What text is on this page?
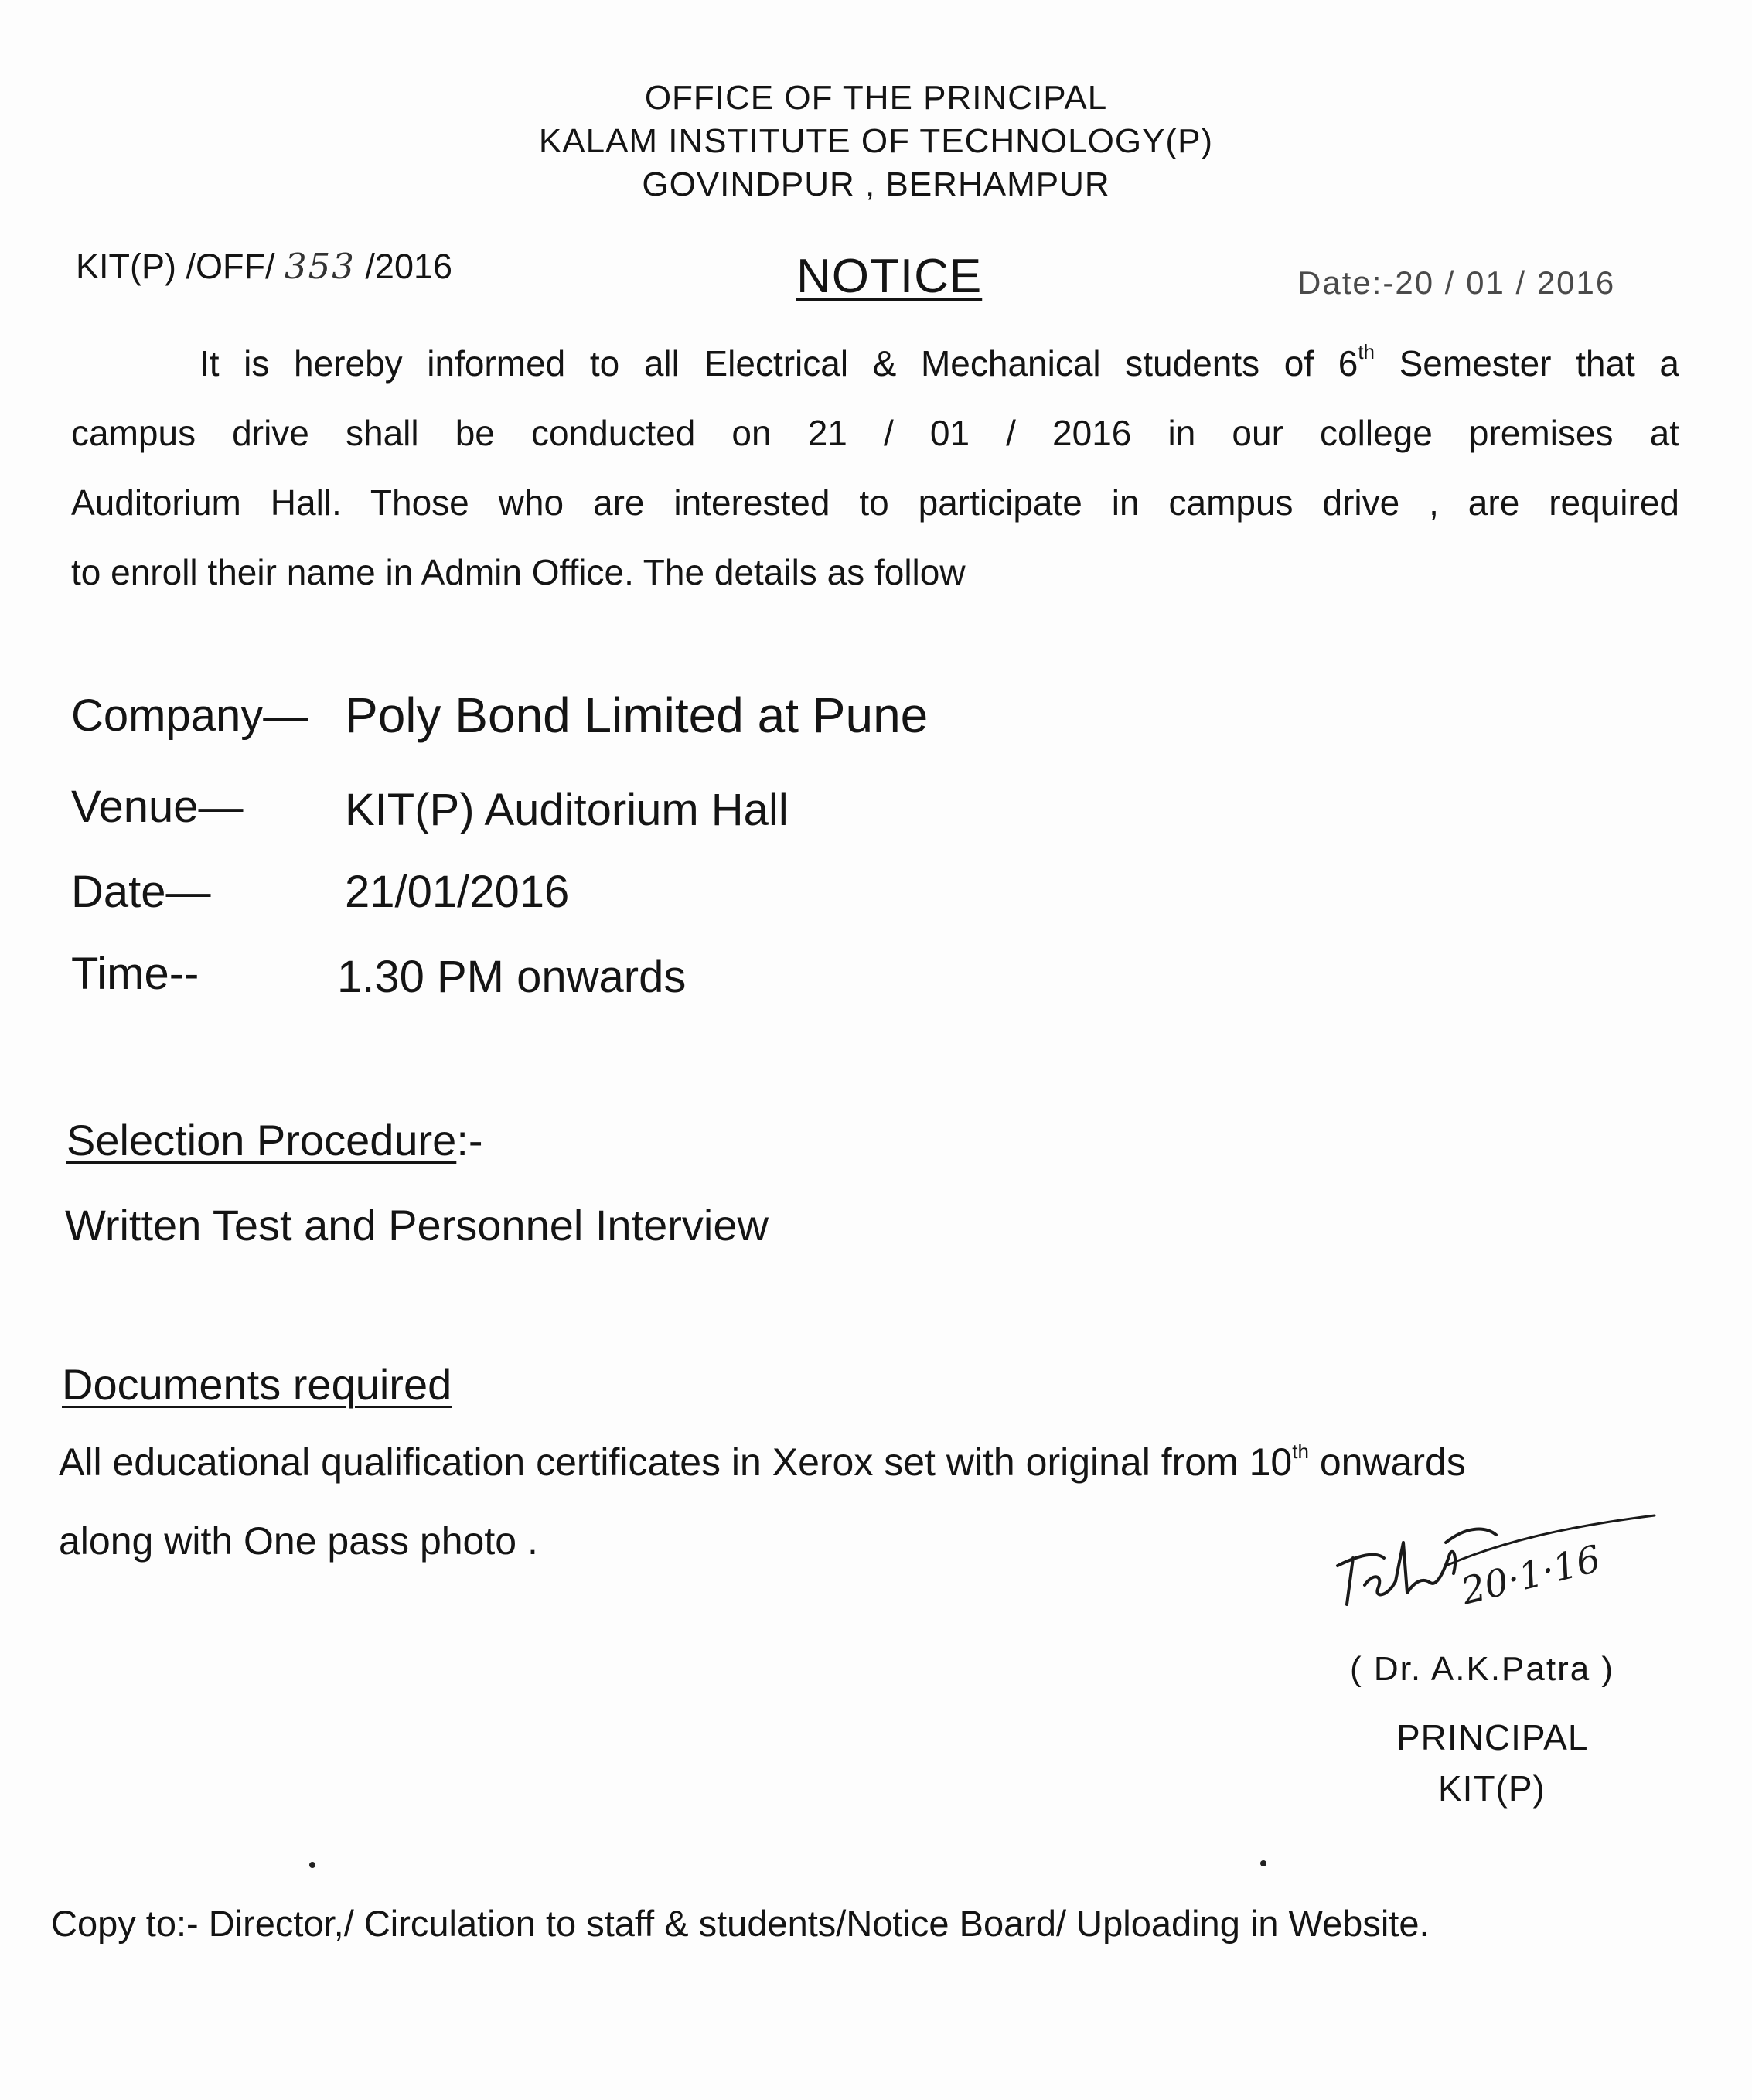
OFFICE OF THE PRINCIPAL
KALAM INSTITUTE OF TECHNOLOGY(P)
GOVINDPUR , BERHAMPUR
KIT(P) /OFF/ 353 /2016	NOTICE	Date:-20 / 01 / 2016
It is hereby informed to all Electrical & Mechanical students of 6th Semester that a
campus drive shall be conducted on 21 / 01 / 2016 in our college premises at
Auditorium Hall. Those who are interested to participate in campus drive , are required
to enroll their name in Admin Office. The details as follow
Company— Poly Bond Limited at Pune
Venue— KIT(P) Auditorium Hall
Date—	21/01/2016
Time--	1.30 PM onwards
Selection Procedure:-
Written Test and Personnel Interview
Documents required
All educational qualification certificates in Xerox set with original from 10th onwards
along with One pass photo .	20·1·16
( Dr. A.K.Patra )
PRINCIPAL
KIT(P)
Copy to:- Director,/ Circulation to staff & students/Notice Board/ Uploading in Website.
